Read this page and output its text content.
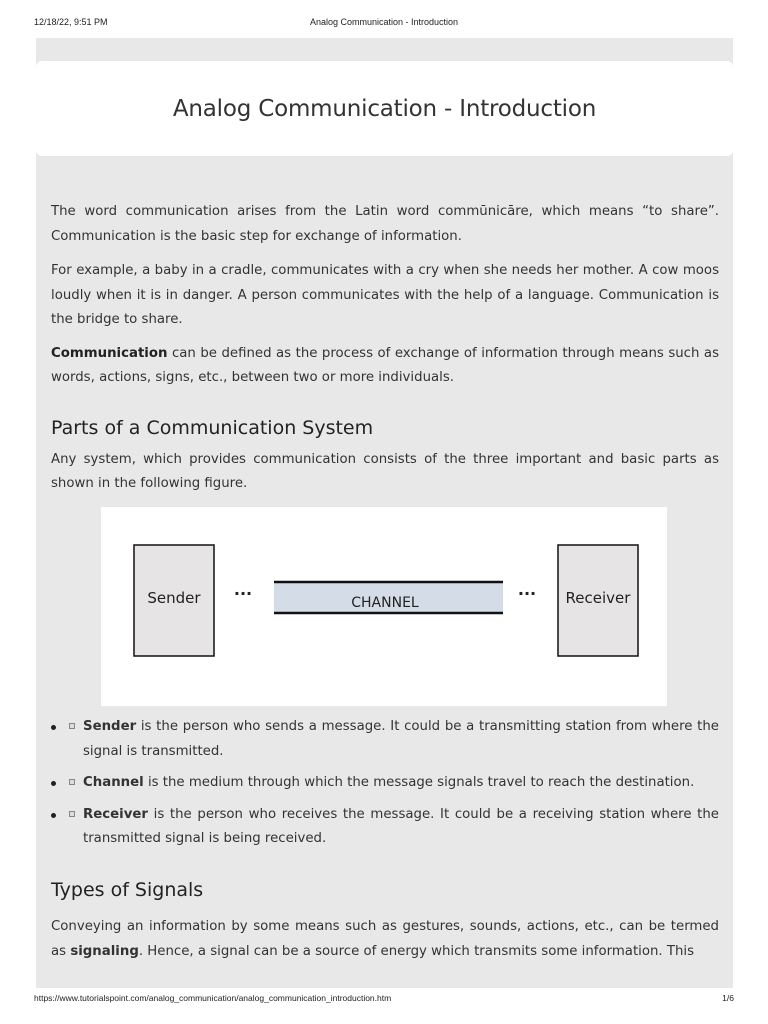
12/18/22, 9:51 PM	Analog Communication - Introduction
Analog Communication - Introduction

The word communication arises from the Latin word commūnicāre, which means “to share”. Communication is the basic step for exchange of information.

For example, a baby in a cradle, communicates with a cry when she needs her mother. A cow moos loudly when it is in danger. A person communicates with the help of a language. Communication is the bridge to share.

Communication can be defined as the process of exchange of information through means such as words, actions, signs, etc., between two or more individuals.

Parts of a Communication System

Any system, which provides communication consists of the three important and basic parts as shown in the following figure.

Sender ···	CHANNEL	··· Receiver
Sender is the person who sends a message. It could be a transmitting station from where the signal is transmitted.
Channel is the medium through which the message signals travel to reach the destination.
Receiver is the person who receives the message. It could be a receiving station where the transmitted signal is being received.
Types of Signals

Conveying an information by some means such as gestures, sounds, actions, etc., can be termed as signaling. Hence, a signal can be a source of energy which transmits some information. This

https://www.tutorialspoint.com/analog_communication/analog_communication_introduction.htm	1/6
